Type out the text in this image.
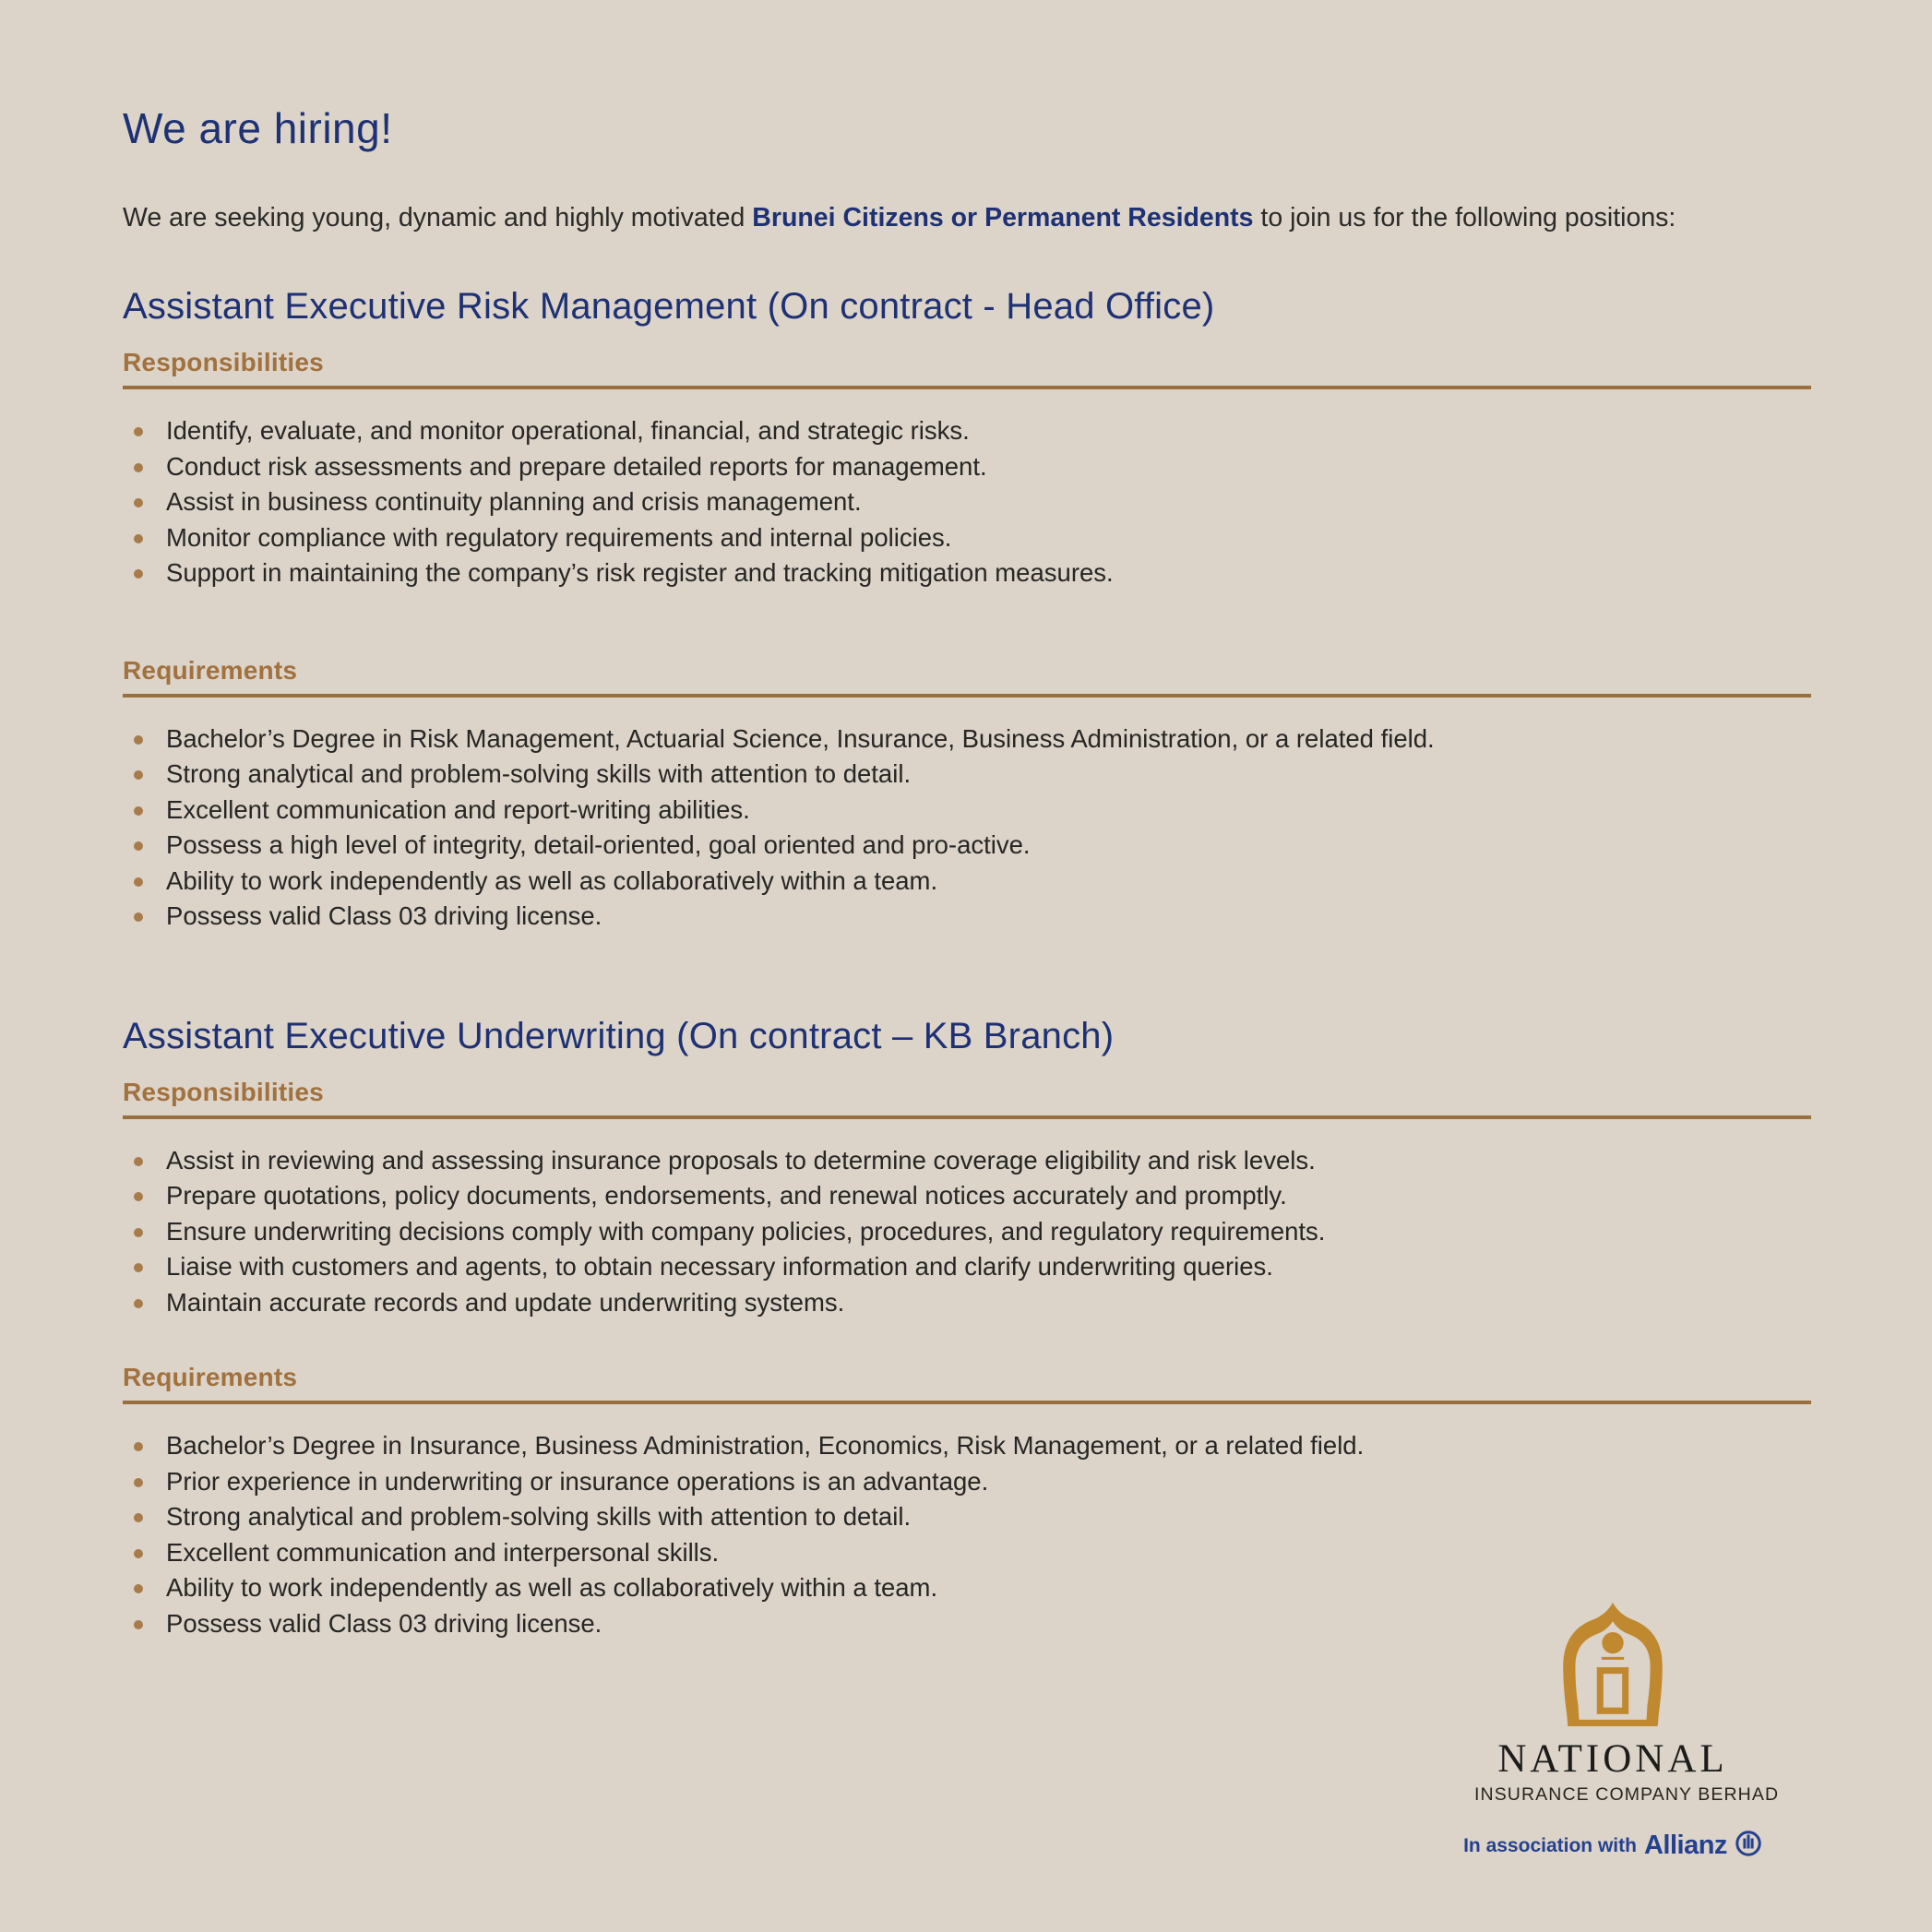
We are hiring!

We are seeking young, dynamic and highly motivated Brunei Citizens or Permanent Residents to join us for the following positions:

Assistant Executive Risk Management (On contract - Head Office)
Responsibilities
Identify, evaluate, and monitor operational, financial, and strategic risks.
Conduct risk assessments and prepare detailed reports for management.
Assist in business continuity planning and crisis management.
Monitor compliance with regulatory requirements and internal policies.
Support in maintaining the company’s risk register and tracking mitigation measures.
Requirements
Bachelor’s Degree in Risk Management, Actuarial Science, Insurance, Business Administration, or a related field.
Strong analytical and problem-solving skills with attention to detail.
Excellent communication and report-writing abilities.
Possess a high level of integrity, detail-oriented, goal oriented and pro-active.
Ability to work independently as well as collaboratively within a team.
Possess valid Class 03 driving license.
Assistant Executive Underwriting (On contract – KB Branch)
Responsibilities
Assist in reviewing and assessing insurance proposals to determine coverage eligibility and risk levels.
Prepare quotations, policy documents, endorsements, and renewal notices accurately and promptly.
Ensure underwriting decisions comply with company policies, procedures, and regulatory requirements.
Liaise with customers and agents, to obtain necessary information and clarify underwriting queries.
Maintain accurate records and update underwriting systems.
Requirements
Bachelor’s Degree in Insurance, Business Administration, Economics, Risk Management, or a related field.
Prior experience in underwriting or insurance operations is an advantage.
Strong analytical and problem-solving skills with attention to detail.
Excellent communication and interpersonal skills.
Ability to work independently as well as collaboratively within a team.
Possess valid Class 03 driving license.
NATIONAL
INSURANCE COMPANY BERHAD
In association with Allianz
